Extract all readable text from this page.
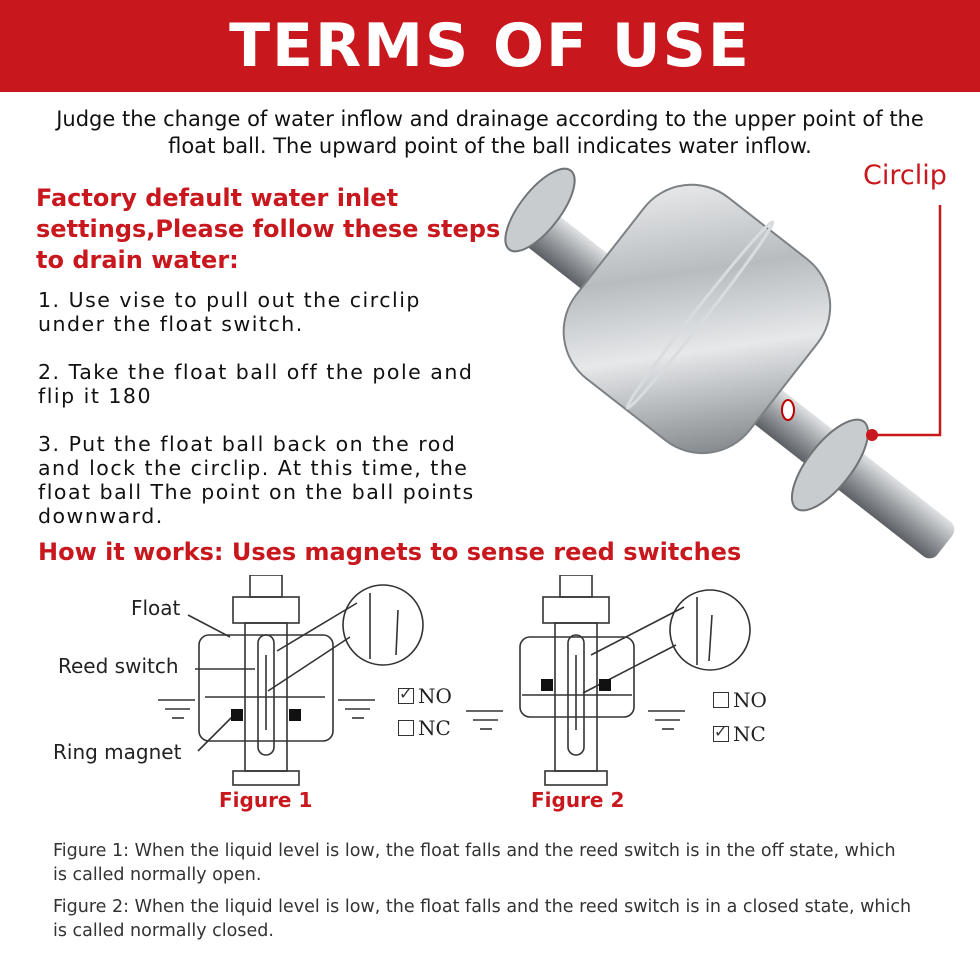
TERMS OF USE

Judge the change of water inflow and drainage according to the upper point of the

float ball. The upward point of the ball indicates water inflow.

Factory default water inlet

settings,Please follow these steps

to drain water:

1. Use vise to pull out the circlip

under the float switch.

2. Take the float ball off the pole and

flip it 180

3. Put the float ball back on the rod

and lock the circlip. At this time, the

float ball The point on the ball points

downward.

Circlip
How it works: Uses magnets to sense reed switches
Float
Reed switch
Ring magnet
✓
NO
NC
NO
✓
NC
Figure 1	Figure 2

Figure 1: When the liquid level is low, the float falls and the reed switch is in the off state, which

is called normally open.

Figure 2: When the liquid level is low, the float falls and the reed switch is in a closed state, which

is called normally closed.
